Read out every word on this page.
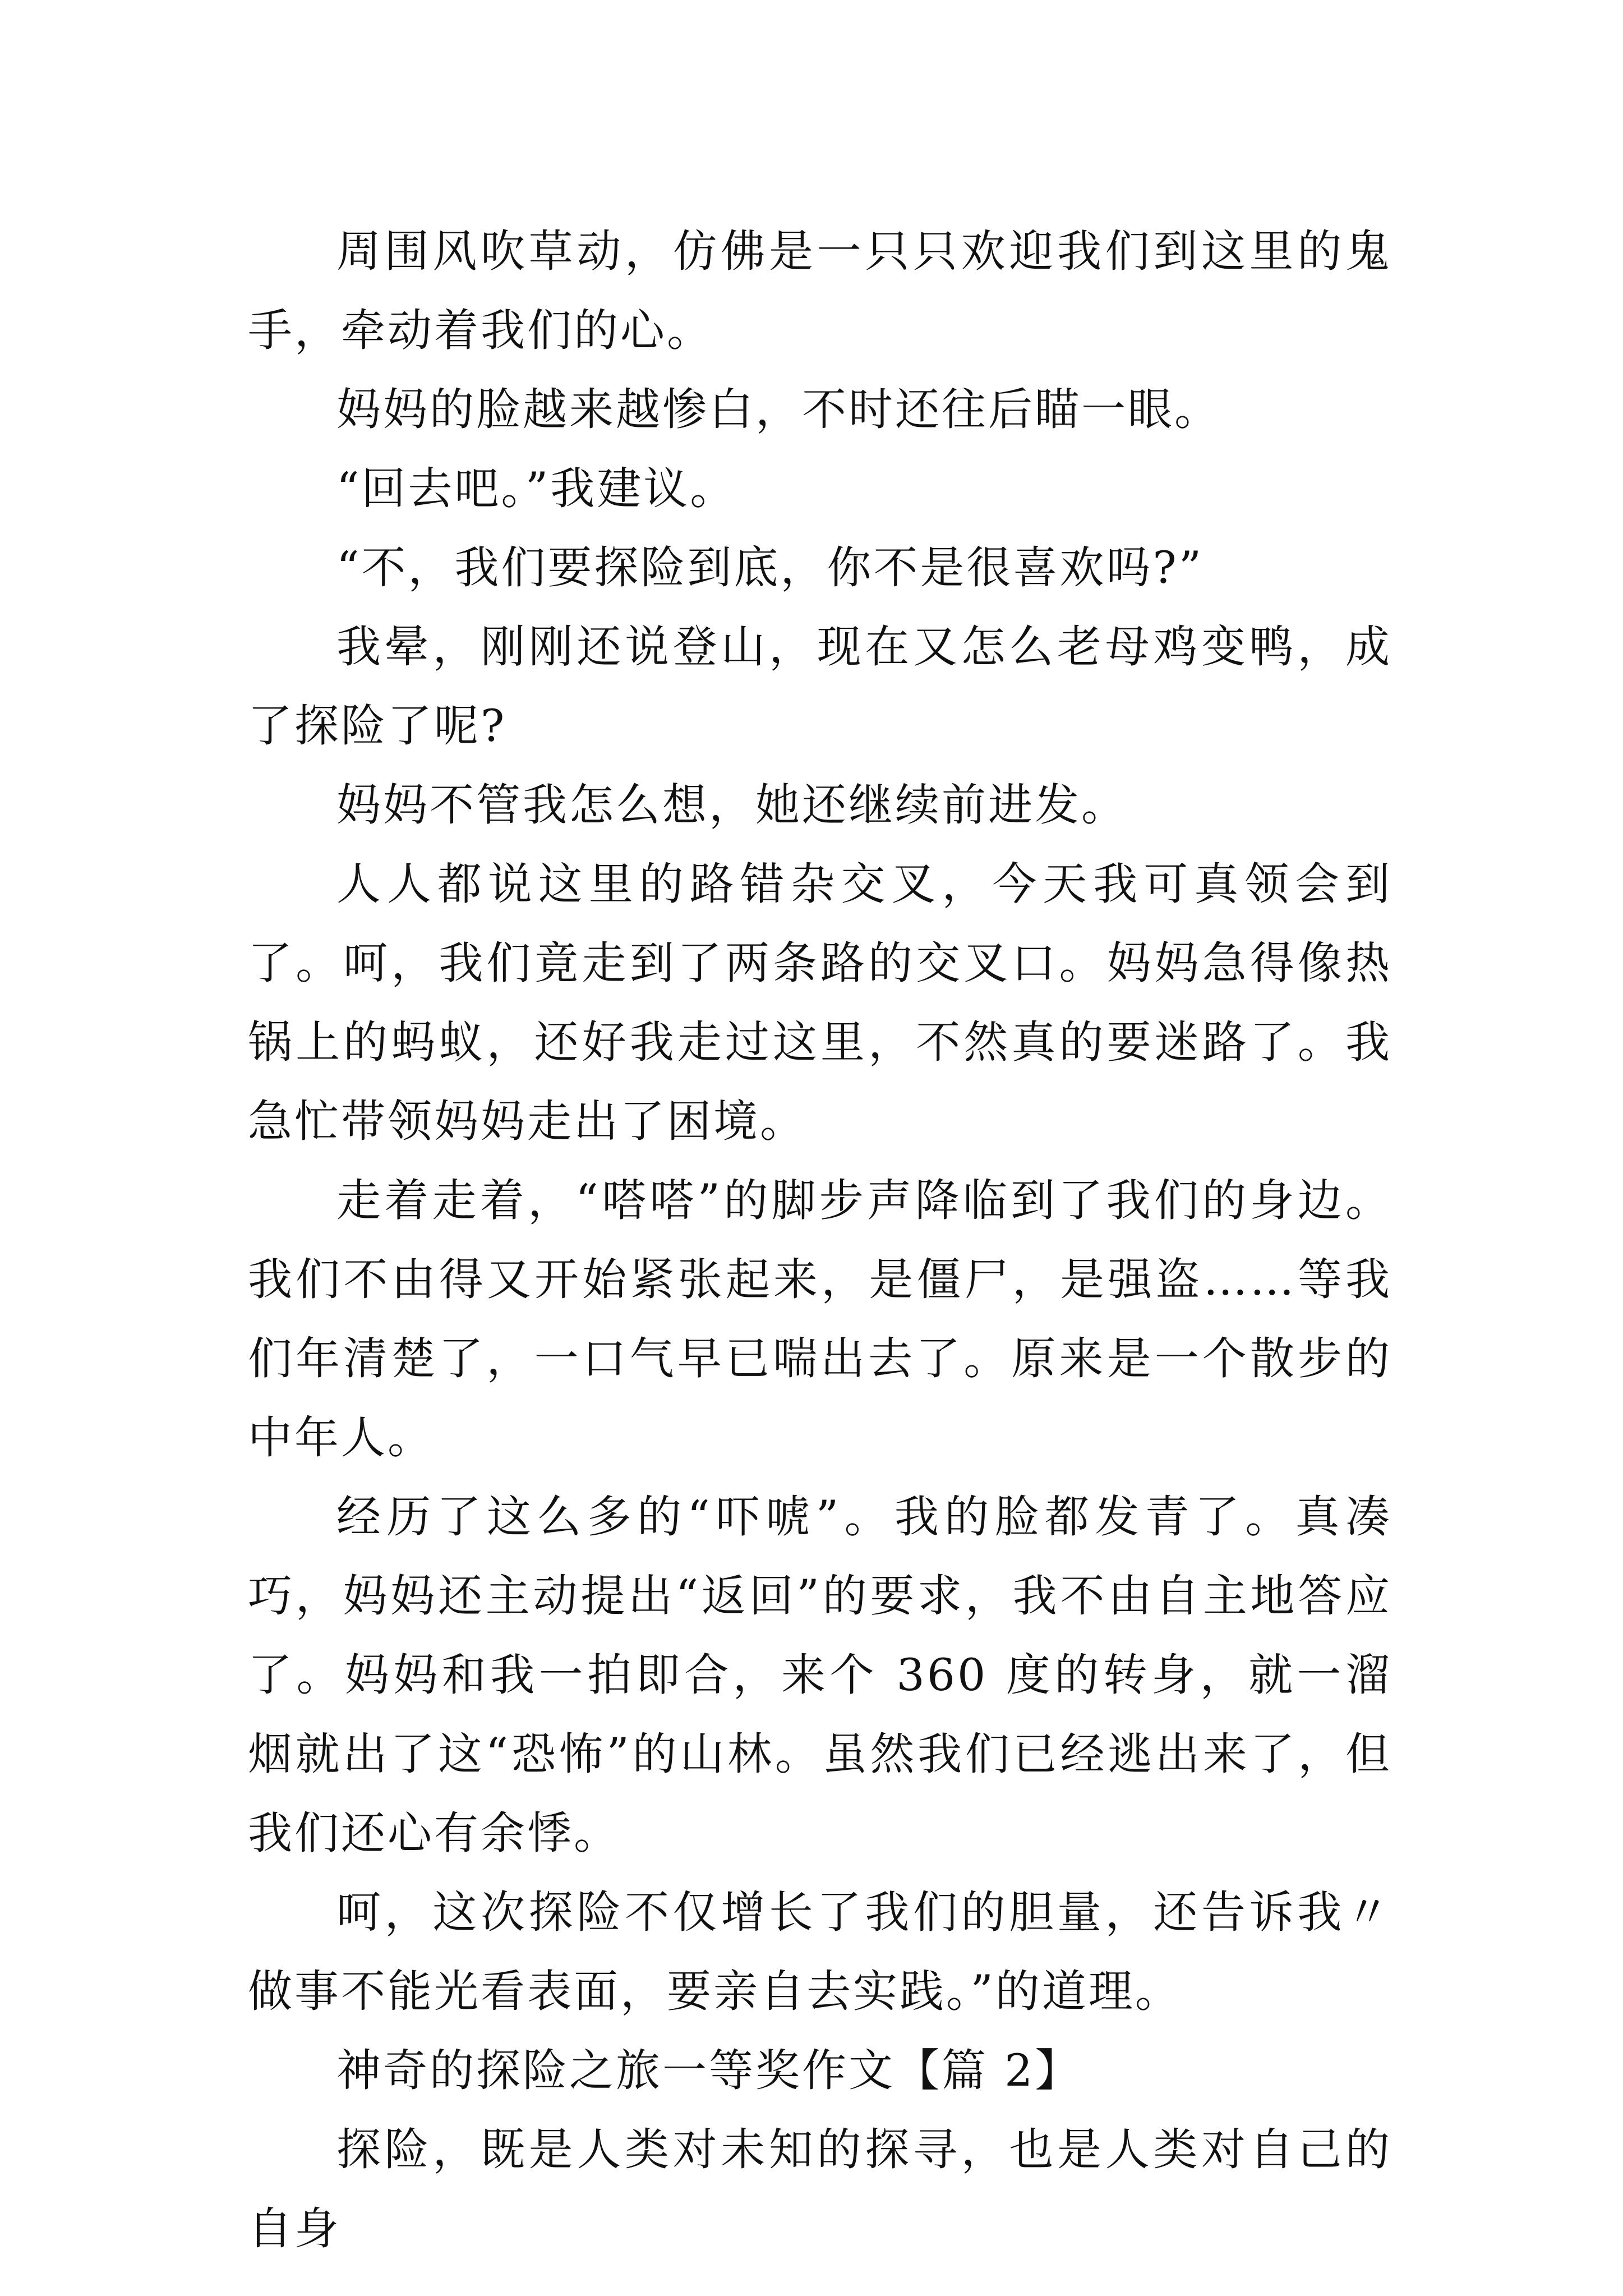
周围风吹草动，仿佛是一只只欢迎我们到这里的鬼手，牵动着我们的心。

妈妈的脸越来越惨白，不时还往后瞄一眼。

“回去吧。”我建议。

“不，我们要探险到底，你不是很喜欢吗?”

我晕，刚刚还说登山，现在又怎么老母鸡变鸭，成了探险了呢?

妈妈不管我怎么想，她还继续前进发。

人人都说这里的路错杂交叉，今天我可真领会到了。呵，我们竟走到了两条路的交叉口。妈妈急得像热锅上的蚂蚁，还好我走过这里，不然真的要迷路了。我急忙带领妈妈走出了困境。

走着走着，“嗒嗒”的脚步声降临到了我们的身边。我们不由得又开始紧张起来，是僵尸，是强盗……等我们年清楚了，一口气早已喘出去了。原来是一个散步的中年人。

经历了这么多的“吓唬”。我的脸都发青了。真凑巧，妈妈还主动提出“返回”的要求，我不由自主地答应了。妈妈和我一拍即合，来个 360 度的转身，就一溜烟就出了这“恐怖”的山林。虽然我们已经逃出来了，但我们还心有余悸。

呵，这次探险不仅增长了我们的胆量，还告诉我〃做事不能光看表面，要亲自去实践。”的道理。

神奇的探险之旅一等奖作文【篇 2】

探险，既是人类对未知的探寻，也是人类对自己的自身
